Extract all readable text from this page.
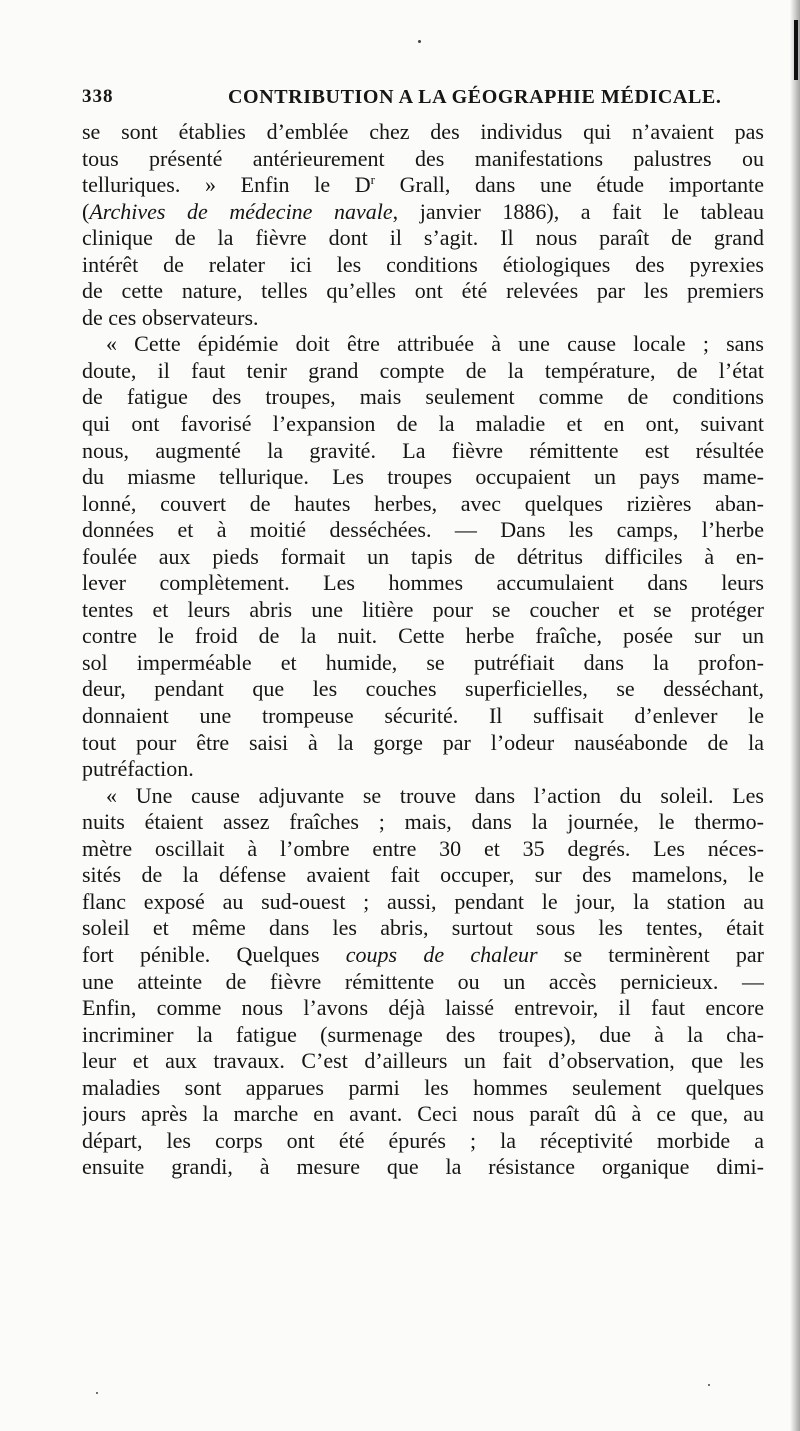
338	CONTRIBUTION A LA GÉOGRAPHIE MÉDICALE.
se sont établies d’emblée chez des individus qui n’avaient pas
tous présenté antérieurement des manifestations palustres ou
telluriques. » Enfin le $D^r$ Grall, dans une étude importante
(Archives de médecine navale, janvier 1886), a fait le tableau
clinique de la fièvre dont il s’agit. Il nous paraît de grand
intérêt de relater ici les conditions étiologiques des pyrexies
de cette nature, telles qu’elles ont été relevées par les premiers
de ces observateurs.
« Cette épidémie doit être attribuée à une cause locale ; sans
doute, il faut tenir grand compte de la température, de l’état
de fatigue des troupes, mais seulement comme de conditions
qui ont favorisé l’expansion de la maladie et en ont, suivant
nous, augmenté la gravité. La fièvre rémittente est résultée
du miasme tellurique. Les troupes occupaient un pays mame-
lonné, couvert de hautes herbes, avec quelques rizières aban-
données et à moitié desséchées. — Dans les camps, l’herbe
foulée aux pieds formait un tapis de détritus difficiles à en-
lever complètement. Les hommes accumulaient dans leurs
tentes et leurs abris une litière pour se coucher et se protéger
contre le froid de la nuit. Cette herbe fraîche, posée sur un
sol imperméable et humide, se putréfiait dans la profon-
deur, pendant que les couches superficielles, se desséchant,
donnaient une trompeuse sécurité. Il suffisait d’enlever le
tout pour être saisi à la gorge par l’odeur nauséabonde de la
putréfaction.
« Une cause adjuvante se trouve dans l’action du soleil. Les
nuits étaient assez fraîches ; mais, dans la journée, le thermo-
mètre oscillait à l’ombre entre 30 et 35 degrés. Les néces-
sités de la défense avaient fait occuper, sur des mamelons, le
flanc exposé au sud-ouest ; aussi, pendant le jour, la station au
soleil et même dans les abris, surtout sous les tentes, était
fort pénible. Quelques coups de chaleur se terminèrent par
une atteinte de fièvre rémittente ou un accès pernicieux. —
Enfin, comme nous l’avons déjà laissé entrevoir, il faut encore
incriminer la fatigue (surmenage des troupes), due à la cha-
leur et aux travaux. C’est d’ailleurs un fait d’observation, que les
maladies sont apparues parmi les hommes seulement quelques
jours après la marche en avant. Ceci nous paraît dû à ce que, au
départ, les corps ont été épurés ; la réceptivité morbide a
ensuite grandi, à mesure que la résistance organique dimi-
